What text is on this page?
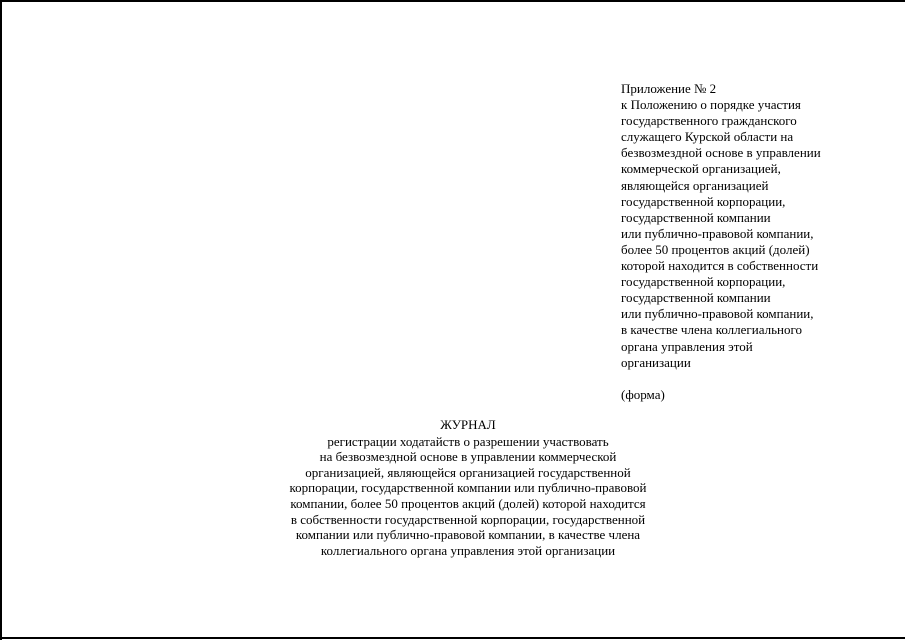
Приложение № 2
к Положению о порядке участия
государственного гражданского
служащего Курской области на
безвозмездной основе в управлении
коммерческой организацией,
являющейся организацией
государственной корпорации,
государственной компании
или публично-правовой компании,
более 50 процентов акций (долей)
которой находится в собственности
государственной корпорации,
государственной компании
или публично-правовой компании,
в качестве члена коллегиального
органа управления этой
организации
(форма)
ЖУРНАЛ
регистрации ходатайств о разрешении участвовать
на безвозмездной основе в управлении коммерческой
организацией, являющейся организацией государственной
корпорации, государственной компании или публично-правовой
компании, более 50 процентов акций (долей) которой находится
в собственности государственной корпорации, государственной
компании или публично-правовой компании, в качестве члена
коллегиального органа управления этой организации
